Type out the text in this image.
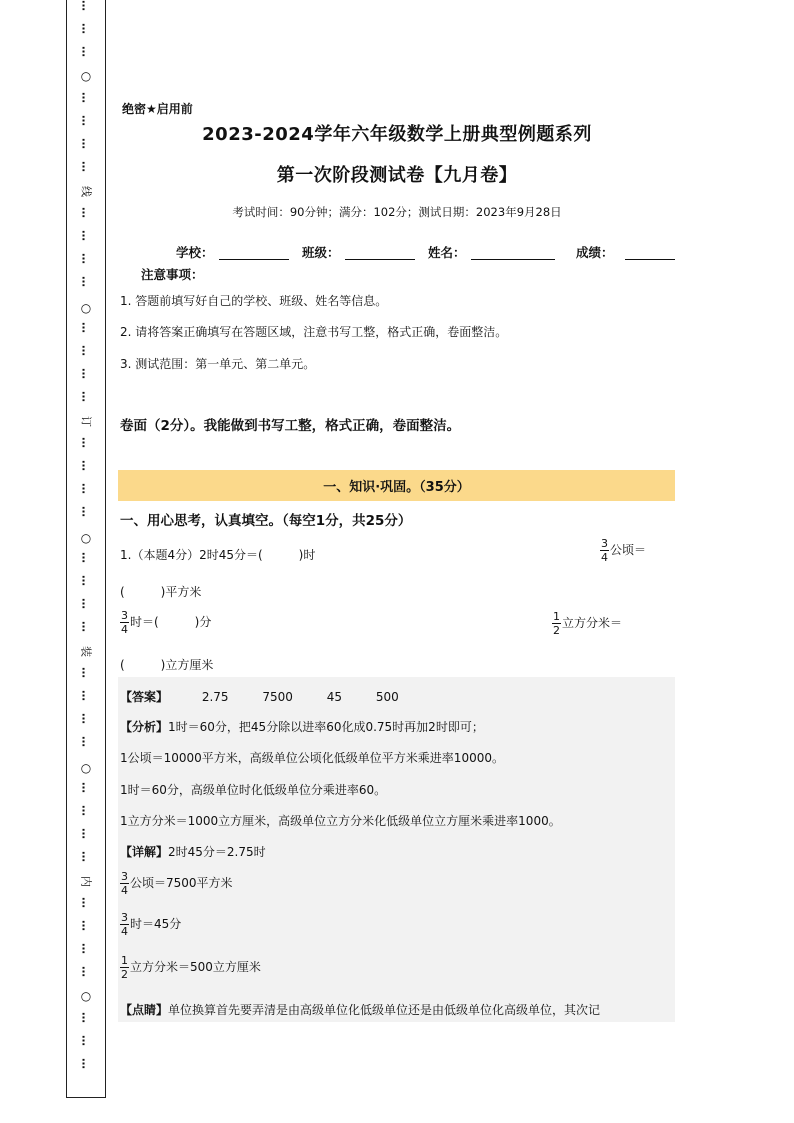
…
…
…
…
…
…
…
…
…
…
…
…
…
…
…
…
…
…
…
…
…
…
…
…
…
…
…
…
…
…
…
…
…
…
…
…
…
…
○
线
○
订
○
装
○
内
○
绝密★启用前
2023-2024学年六年级数学上册典型例题系列
第一次阶段测试卷【九月卷】
考试时间：90分钟；满分：102分；测试日期：2023年9月28日
学校：	班级：	姓名：	成绩：
注意事项：
1. 答题前填写好自己的学校、班级、姓名等信息。
2. 请将答案正确填写在答题区域，注意书写工整，格式正确，卷面整洁。
3. 测试范围：第一单元、第二单元。
卷面（2分）。我能做到书写工整，格式正确，卷面整洁。
一、知识·巩固。（35分）
一、用心思考，认真填空。（每空1分，共25分）
1.（本题4分）2时45分＝(　　　)时	$\frac{3}{4}$ 公顷＝
(　　　)平方米
$\frac{3}{4}$ 时＝(　　　)分	$\frac{1}{2}$ 立方分米＝
(　　　)立方厘米
【答案】	2.75	7500	45	500
【分析】1时＝60分，把45分除以进率60化成0.75时再加2时即可；
1公顷＝10000平方米，高级单位公顷化低级单位平方米乘进率10000。
1时＝60分，高级单位时化低级单位分乘进率60。
1立方分米＝1000立方厘米，高级单位立方分米化低级单位立方厘米乘进率1000。
【详解】2时45分＝2.75时
$\frac{3}{4}$ 公顷＝7500平方米
$\frac{3}{4}$ 时＝45分
$\frac{1}{2}$ 立方分米＝500立方厘米
【点睛】单位换算首先要弄清是由高级单位化低级单位还是由低级单位化高级单位，其次记
